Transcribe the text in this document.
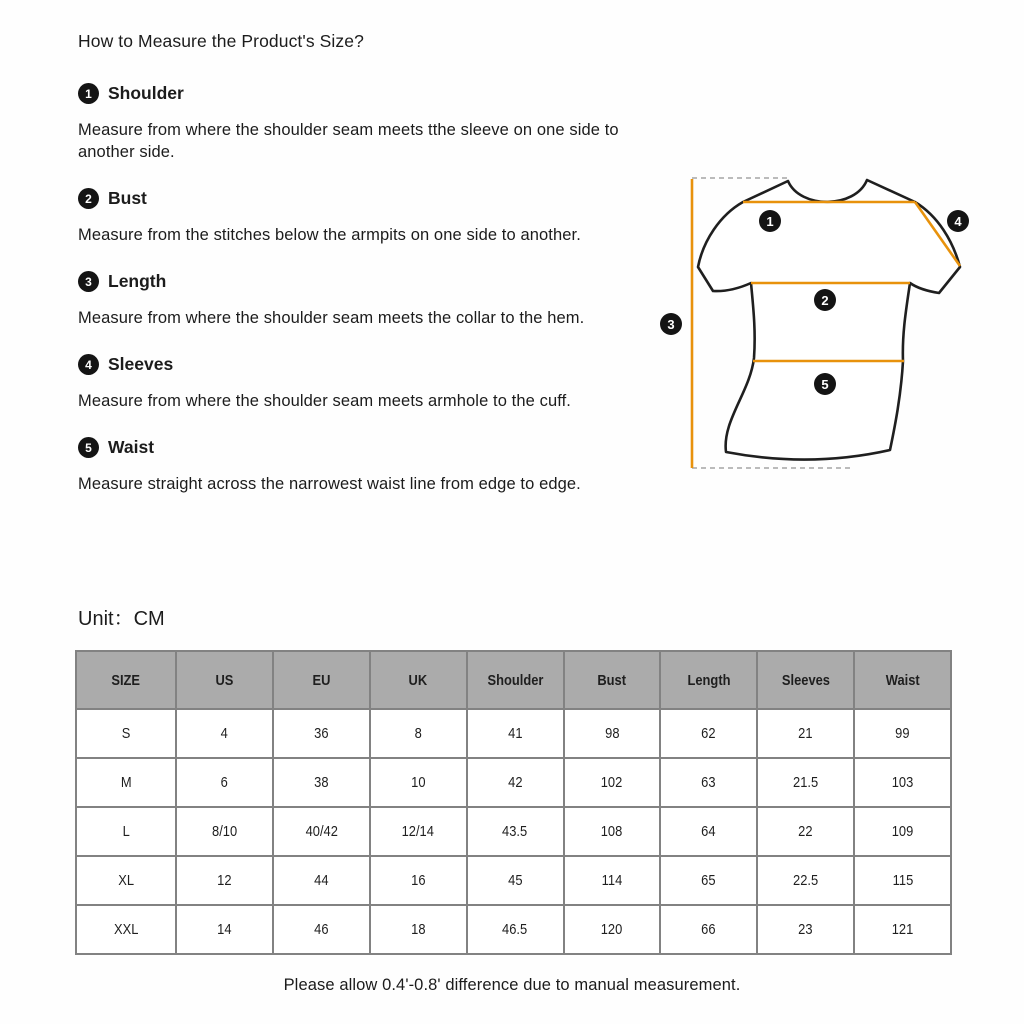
How to Measure the Product's Size?
1 Shoulder
Measure from where the shoulder seam meets tthe sleeve on one side to another side.
2 Bust
Measure from the stitches below the armpits on one side to another.
3 Length
Measure from where the shoulder seam meets the collar to the hem.
4 Sleeves
Measure from where the shoulder seam meets armhole to the cuff.
5 Waist
Measure straight across the narrowest waist line from edge to edge.
Unit：CM
1
2
3
4
5
SIZE	US	EU	UK	Shoulder	Bust	Length	Sleeves	Waist
S	4	36	8	41	98	62	21	99
M	6	38	10	42	102	63	21.5	103
L	8/10	40/42	12/14	43.5	108	64	22	109
XL	12	44	16	45	114	65	22.5	115
XXL	14	46	18	46.5	120	66	23	121
Please allow 0.4'-0.8' difference due to manual measurement.
